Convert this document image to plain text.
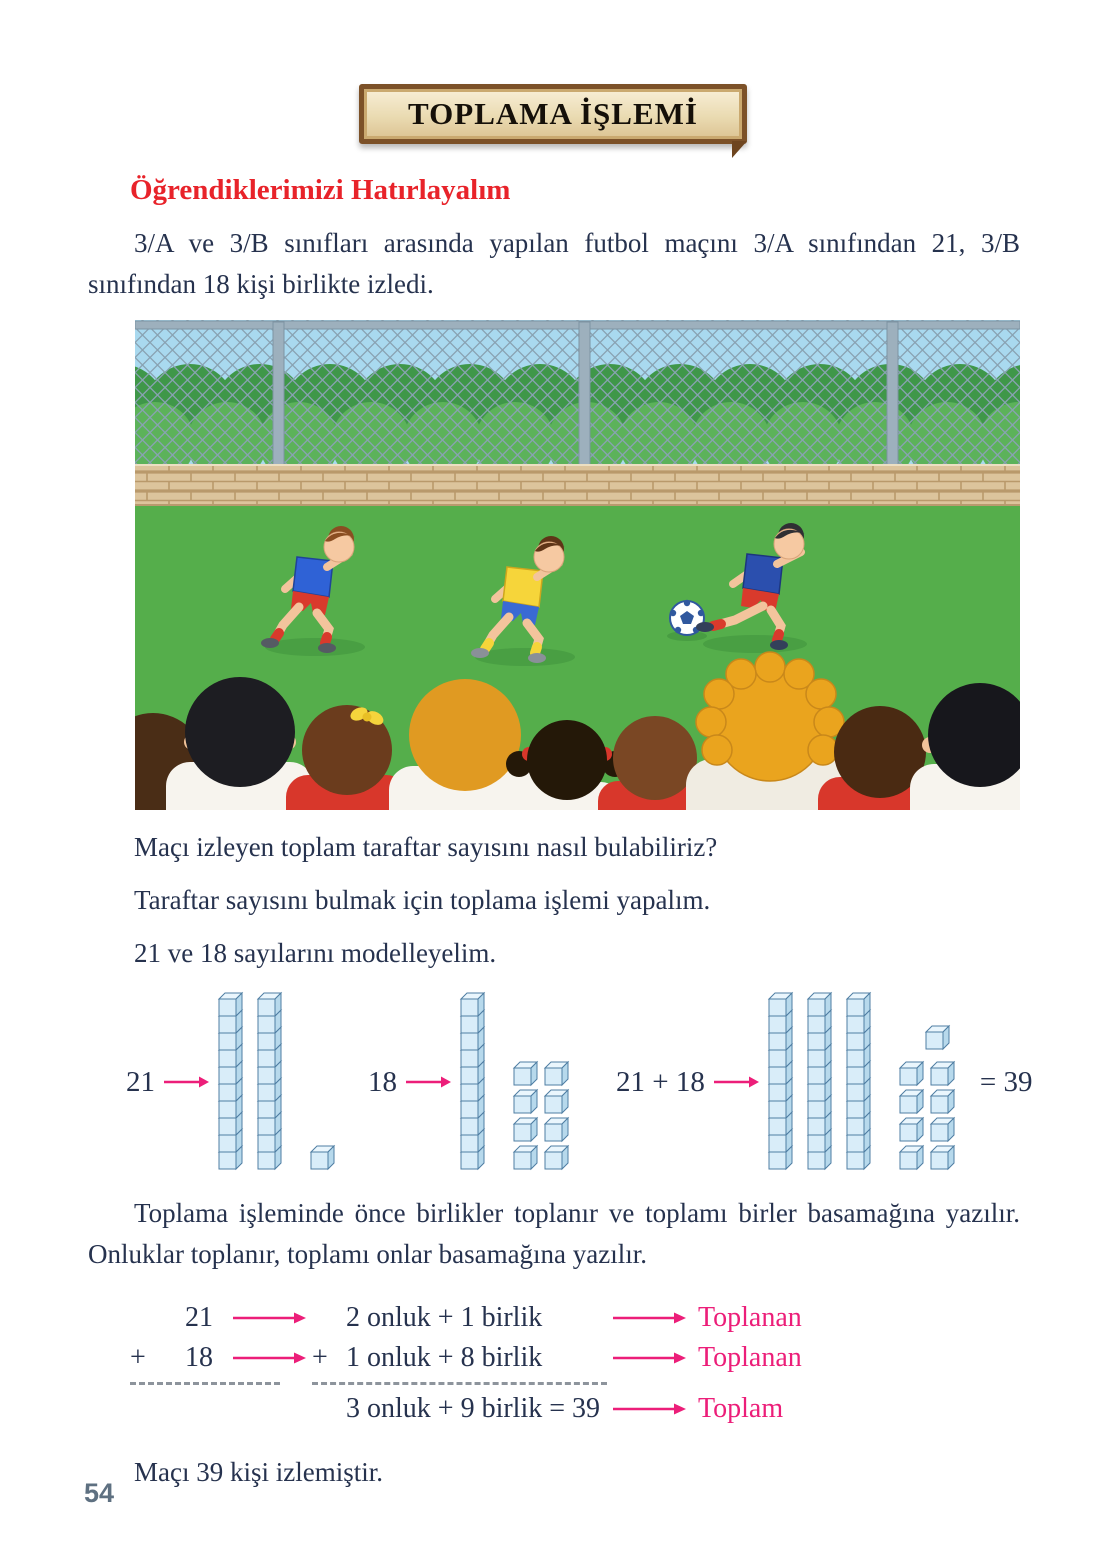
TOPLAMA İŞLEMİ
Öğrendiklerimizi Hatırlayalım

3/A ve 3/B sınıfları arasında yapılan futbol maçını 3/A sınıfından 21, 3/B sınıfından 18 kişi birlikte izledi.

Maçı izleyen toplam taraftar sayısını nasıl bulabiliriz?
Taraftar sayısını bulmak için toplama işlemi yapalım.
21 ve 18 sayılarını modelleyelim.
21	18	21 + 18	= 39

Toplama işleminde önce birlikler toplanır ve toplamı birler basamağına yazılır. Onluklar toplanır, toplamı onlar basamağına yazılır.

21	2 onluk + 1 birlik	Toplanan
+	18	+ 1 onluk + 8 birlik	Toplanan
3 onluk + 9 birlik = 39	Toplam
Maçı 39 kişi izlemiştir.
54
